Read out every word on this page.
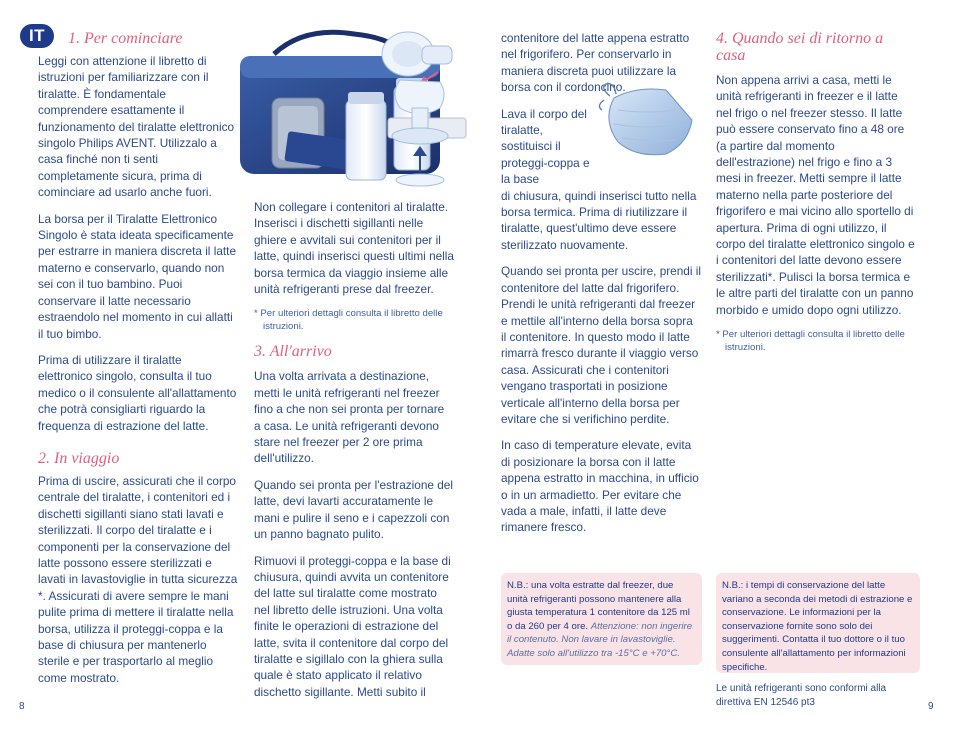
IT	1. Per cominciare

Leggi con attenzione il libretto di istruzioni per familiarizzare con il tiralatte. È fondamentale comprendere esattamente il funzionamento del tiralatte elettronico singolo Philips AVENT. Utilizzalo a casa finché non ti senti completamente sicura, prima di cominciare ad usarlo anche fuori.

La borsa per il Tiralatte Elettronico Singolo è stata ideata specificamente per estrarre in maniera discreta il latte materno e conservarlo, quando non sei con il tuo bambino. Puoi conservare il latte necessario estraendolo nel momento in cui allatti il tuo bimbo.

Prima di utilizzare il tiralatte elettronico singolo, consulta il tuo medico o il consulente all'allattamento che potrà consigliarti riguardo la frequenza di estrazione del latte.

2. In viaggio

Prima di uscire, assicurati che il corpo centrale del tiralatte, i contenitori ed i dischetti sigillanti siano stati lavati e sterilizzati. Il corpo del tiralatte e i componenti per la conservazione del latte possono essere sterilizzati e lavati in lavastoviglie in tutta sicurezza *. Assicurati di avere sempre le mani pulite prima di mettere il tiralatte nella borsa, utilizza il proteggi-coppa e la base di chiusura per mantenerlo sterile e per trasportarlo al meglio come mostrato.

Non collegare i contenitori al tiralatte. Inserisci i dischetti sigillanti nelle ghiere e avvitali sui contenitori per il latte, quindi inserisci questi ultimi nella borsa termica da viaggio insieme alle unità refrigeranti prese dal freezer.

* Per ulteriori dettagli consulta il libretto delle istruzioni.

3. All'arrivo

Una volta arrivata a destinazione, metti le unità refrigeranti nel freezer fino a che non sei pronta per tornare a casa. Le unità refrigeranti devono stare nel freezer per 2 ore prima dell'utilizzo.

Quando sei pronta per l'estrazione del latte, devi lavarti accuratamente le mani e pulire il seno e i capezzoli con un panno bagnato pulito.

Rimuovi il proteggi-coppa e la base di chiusura, quindi avvita un contenitore del latte sul tiralatte come mostrato nel libretto delle istruzioni. Una volta finite le operazioni di estrazione del latte, svita il contenitore dal corpo del tiralatte e sigillalo con la ghiera sulla quale è stato applicato il relativo dischetto sigillante. Metti subito il

contenitore del latte appena estratto nel frigorifero. Per conservarlo in maniera discreta puoi utilizzare la borsa con il cordoncino.

Lava il corpo del tiralatte, sostituisci il proteggi-coppa e la base

di chiusura, quindi inserisci tutto nella borsa termica. Prima di riutilizzare il tiralatte, quest'ultimo deve essere sterilizzato nuovamente.

Quando sei pronta per uscire, prendi il contenitore del latte dal frigorifero. Prendi le unità refrigeranti dal freezer e mettile all'interno della borsa sopra il contenitore. In questo modo il latte rimarrà fresco durante il viaggio verso casa. Assicurati che i contenitori vengano trasportati in posizione verticale all'interno della borsa per evitare che si verifichino perdite.

In caso di temperature elevate, evita di posizionare la borsa con il latte appena estratto in macchina, in ufficio o in un armadietto. Per evitare che vada a male, infatti, il latte deve rimanere fresco.

N.B.: una volta estratte dal freezer, due unità refrigeranti possono mantenere alla giusta temperatura 1 contenitore da 125 ml o da 260 per 4 ore. Attenzione: non ingerire il contenuto. Non lavare in lavastoviglie. Adatte solo all'utilizzo tra -15°C e +70°C.
4. Quando sei di ritorno a casa

Non appena arrivi a casa, metti le unità refrigeranti in freezer e il latte nel frigo o nel freezer stesso. Il latte può essere conservato fino a 48 ore (a partire dal momento dell'estrazione) nel frigo e fino a 3 mesi in freezer. Metti sempre il latte materno nella parte posteriore del frigorifero e mai vicino allo sportello di apertura. Prima di ogni utilizzo, il corpo del tiralatte elettronico singolo e i contenitori del latte devono essere sterilizzati*. Pulisci la borsa termica e le altre parti del tiralatte con un panno morbido e umido dopo ogni utilizzo.

* Per ulteriori dettagli consulta il libretto delle istruzioni.

N.B.: i tempi di conservazione del latte variano a seconda dei metodi di estrazione e conservazione. Le informazioni per la conservazione fornite sono solo dei suggerimenti. Contatta il tuo dottore o il tuo consulente all'allattamento per informazioni specifiche.
Le unità refrigeranti sono conformi alla direttiva EN 12546 pt3
8	9
